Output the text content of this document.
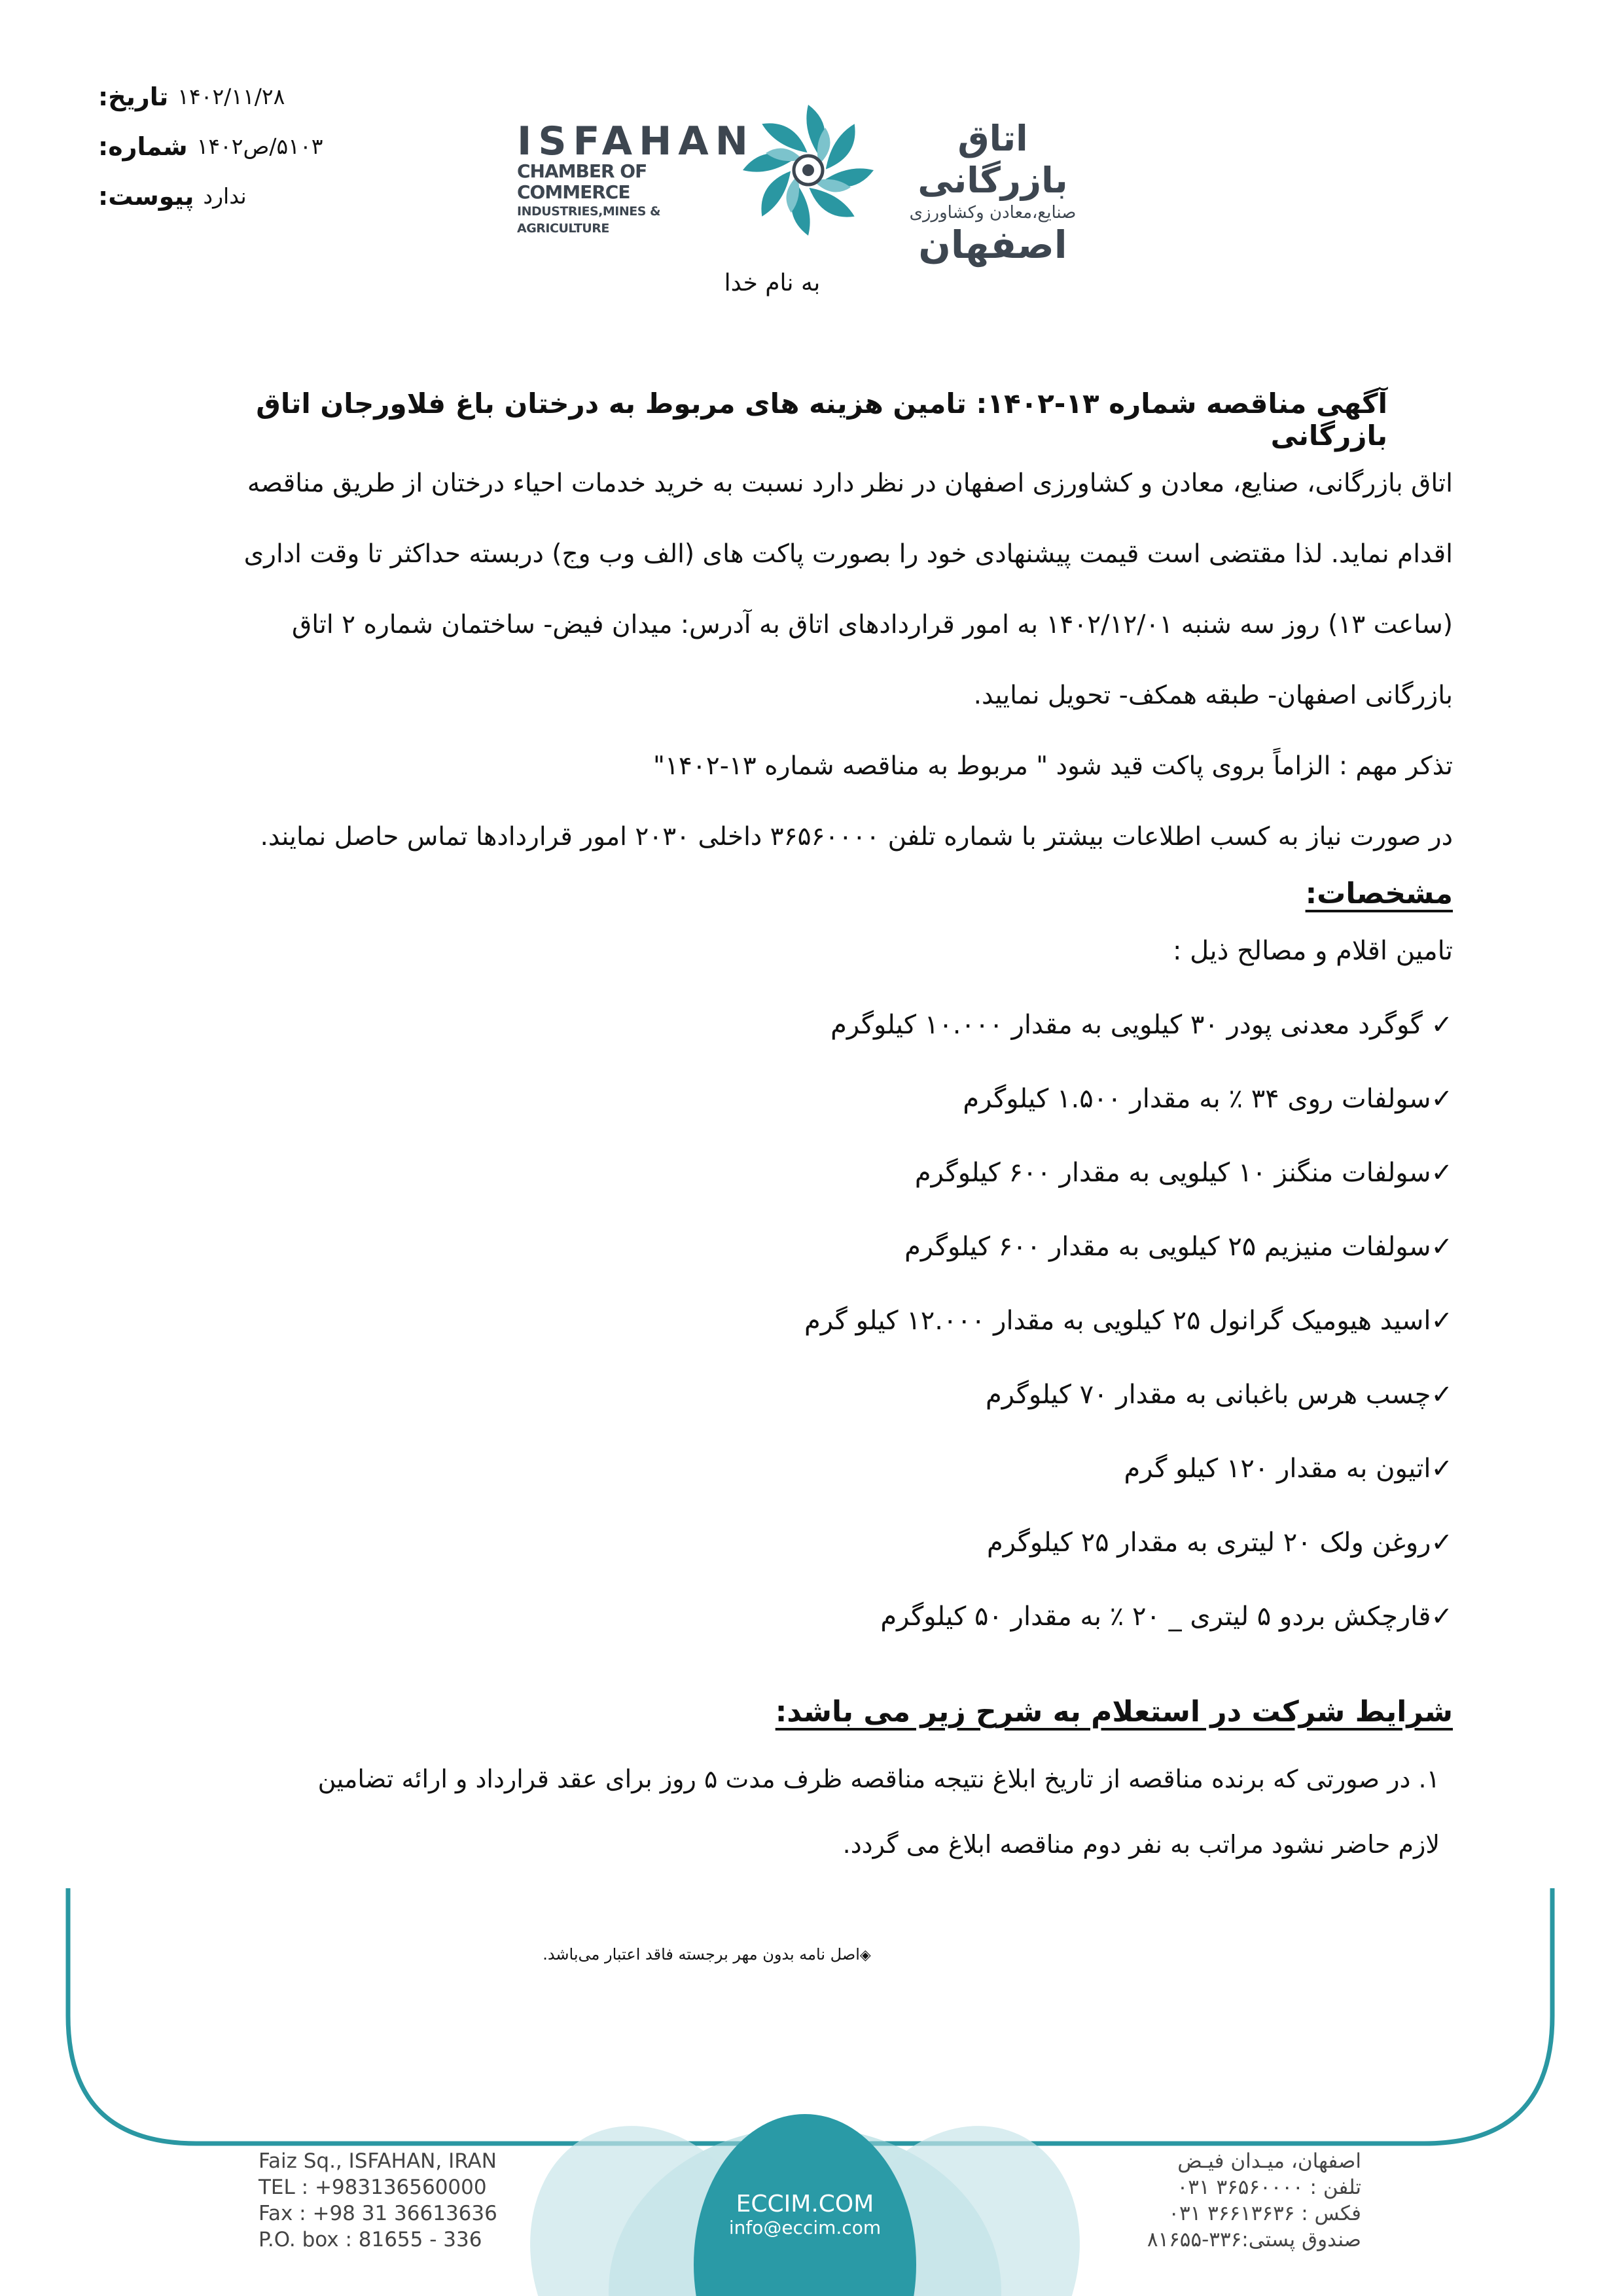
تاریخ: ۱۴۰۲/۱۱/۲۸
شماره: ۵۱۰۳/ص۱۴۰۲
پیوست: ندارد
ISFAHAN
CHAMBER OF COMMERCE
INDUSTRIES,MINES & AGRICULTURE
اتاق بازرگانی
صنایع،معادن وکشاورزی
اصفهان
به نام خدا
آگهی مناقصه شماره ۱۳-۱۴۰۲: تامین هزینه های مربوط به درختان باغ فلاورجان اتاق بازرگانی
اتاق بازرگانی، صنایع، معادن و کشاورزی اصفهان در نظر دارد نسبت به خرید خدمات احیاء درختان از طریق مناقصه
اقدام نماید. لذا مقتضی است قیمت پیشنهادی خود را بصورت پاکت های (الف وب وج) دربسته حداکثر تا وقت اداری
(ساعت ۱۳) روز سه شنبه ۱۴۰۲/۱۲/۰۱ به امور قراردادهای اتاق به آدرس: میدان فیض- ساختمان شماره ۲ اتاق
بازرگانی اصفهان- طبقه همکف- تحویل نمایید.
تذکر مهم : الزاماً بروی پاکت قید شود " مربوط به مناقصه شماره ۱۳-۱۴۰۲"
در صورت نیاز به کسب اطلاعات بیشتر با شماره تلفن ۳۶۵۶۰۰۰۰ داخلی ۲۰۳۰ امور قراردادها تماس حاصل نمایند.
مشخصات:
تامین اقلام و مصالح ذیل :
✓ گوگرد معدنی پودر ۳۰ کیلویی به مقدار ۱۰.۰۰۰ کیلوگرم
✓سولفات روی ۳۴ ٪ به مقدار ۱.۵۰۰ کیلوگرم
✓سولفات منگنز ۱۰ کیلویی به مقدار ۶۰۰ کیلوگرم
✓سولفات منیزیم ۲۵ کیلویی به مقدار ۶۰۰ کیلوگرم
✓اسید هیومیک گرانول ۲۵ کیلویی به مقدار ۱۲.۰۰۰ کیلو گرم
✓چسب هرس باغبانی به مقدار ۷۰ کیلوگرم
✓اتیون به مقدار ۱۲۰ کیلو گرم
✓روغن ولک ۲۰ لیتری به مقدار ۲۵ کیلوگرم
✓قارچکش بردو ۵ لیتری _ ۲۰ ٪ به مقدار ۵۰ کیلوگرم
شرایط شرکت در استعلام به شرح زیر می باشد:
۱. در صورتی که برنده مناقصه از تاریخ ابلاغ نتیجه مناقصه ظرف مدت ۵ روز برای عقد قرارداد و ارائه تضامین
لازم حاضر نشود مراتب به نفر دوم مناقصه ابلاغ می گردد.
◈اصل نامه بدون مهر برجسته فاقد اعتبار می‌باشد.
Faiz Sq., ISFAHAN, IRAN
TEL : +983136560000
Fax : +98 31 36613636
P.O. box : 81655 - 336
ECCIM.COM
info@eccim.com
اصفهان، میـدان فیـض
تلفن : ۳۶۵۶۰۰۰۰ ۰۳۱
فکس : ۳۶۶۱۳۶۳۶ ۰۳۱
صندوق پستی:۳۳۶-۸۱۶۵۵
